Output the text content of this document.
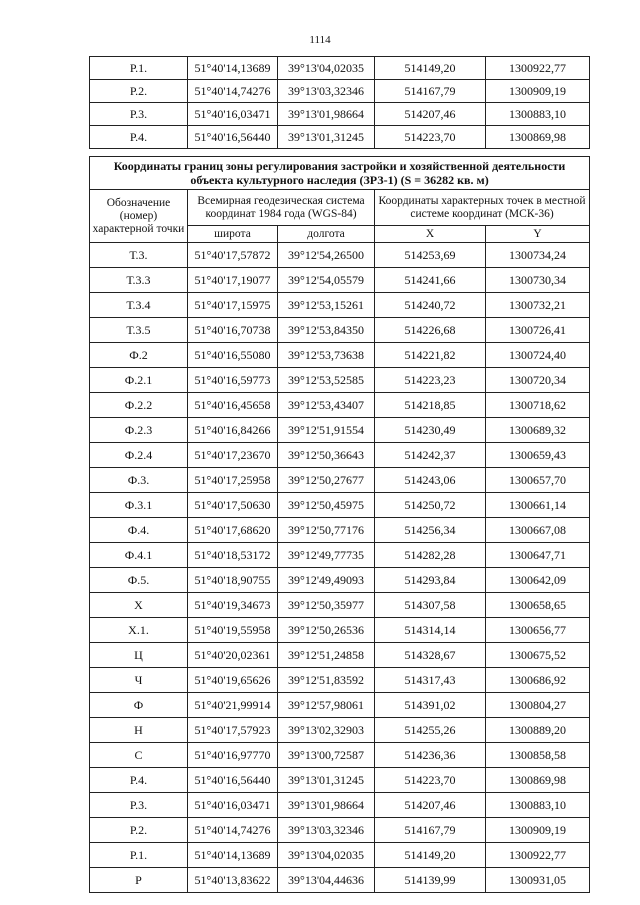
1114
Р.1.	51°40'14,13689	39°13'04,02035	514149,20	1300922,77
Р.2.	51°40'14,74276	39°13'03,32346	514167,79	1300909,19
Р.3.	51°40'16,03471	39°13'01,98664	514207,46	1300883,10
Р.4.	51°40'16,56440	39°13'01,31245	514223,70	1300869,98
Координаты границ зоны регулирования застройки и хозяйственной деятельности объекта культурного наследия (ЗРЗ-1) (S = 36282 кв. м)				
Обозначение (номер) характерной точки	Всемирная геодезическая система координат 1984 года (WGS-84)		Координаты характерных точек в местной системе координат (МСК-36)	
	широта	долгота	X	Y
Т.3.	51°40'17,57872	39°12'54,26500	514253,69	1300734,24
Т.3.3	51°40'17,19077	39°12'54,05579	514241,66	1300730,34
Т.3.4	51°40'17,15975	39°12'53,15261	514240,72	1300732,21
Т.3.5	51°40'16,70738	39°12'53,84350	514226,68	1300726,41
Ф.2	51°40'16,55080	39°12'53,73638	514221,82	1300724,40
Ф.2.1	51°40'16,59773	39°12'53,52585	514223,23	1300720,34
Ф.2.2	51°40'16,45658	39°12'53,43407	514218,85	1300718,62
Ф.2.3	51°40'16,84266	39°12'51,91554	514230,49	1300689,32
Ф.2.4	51°40'17,23670	39°12'50,36643	514242,37	1300659,43
Ф.3.	51°40'17,25958	39°12'50,27677	514243,06	1300657,70
Ф.3.1	51°40'17,50630	39°12'50,45975	514250,72	1300661,14
Ф.4.	51°40'17,68620	39°12'50,77176	514256,34	1300667,08
Ф.4.1	51°40'18,53172	39°12'49,77735	514282,28	1300647,71
Ф.5.	51°40'18,90755	39°12'49,49093	514293,84	1300642,09
Х	51°40'19,34673	39°12'50,35977	514307,58	1300658,65
Х.1.	51°40'19,55958	39°12'50,26536	514314,14	1300656,77
Ц	51°40'20,02361	39°12'51,24858	514328,67	1300675,52
Ч	51°40'19,65626	39°12'51,83592	514317,43	1300686,92
Ф	51°40'21,99914	39°12'57,98061	514391,02	1300804,27
Н	51°40'17,57923	39°13'02,32903	514255,26	1300889,20
С	51°40'16,97770	39°13'00,72587	514236,36	1300858,58
Р.4.	51°40'16,56440	39°13'01,31245	514223,70	1300869,98
Р.3.	51°40'16,03471	39°13'01,98664	514207,46	1300883,10
Р.2.	51°40'14,74276	39°13'03,32346	514167,79	1300909,19
Р.1.	51°40'14,13689	39°13'04,02035	514149,20	1300922,77
Р	51°40'13,83622	39°13'04,44636	514139,99	1300931,05
